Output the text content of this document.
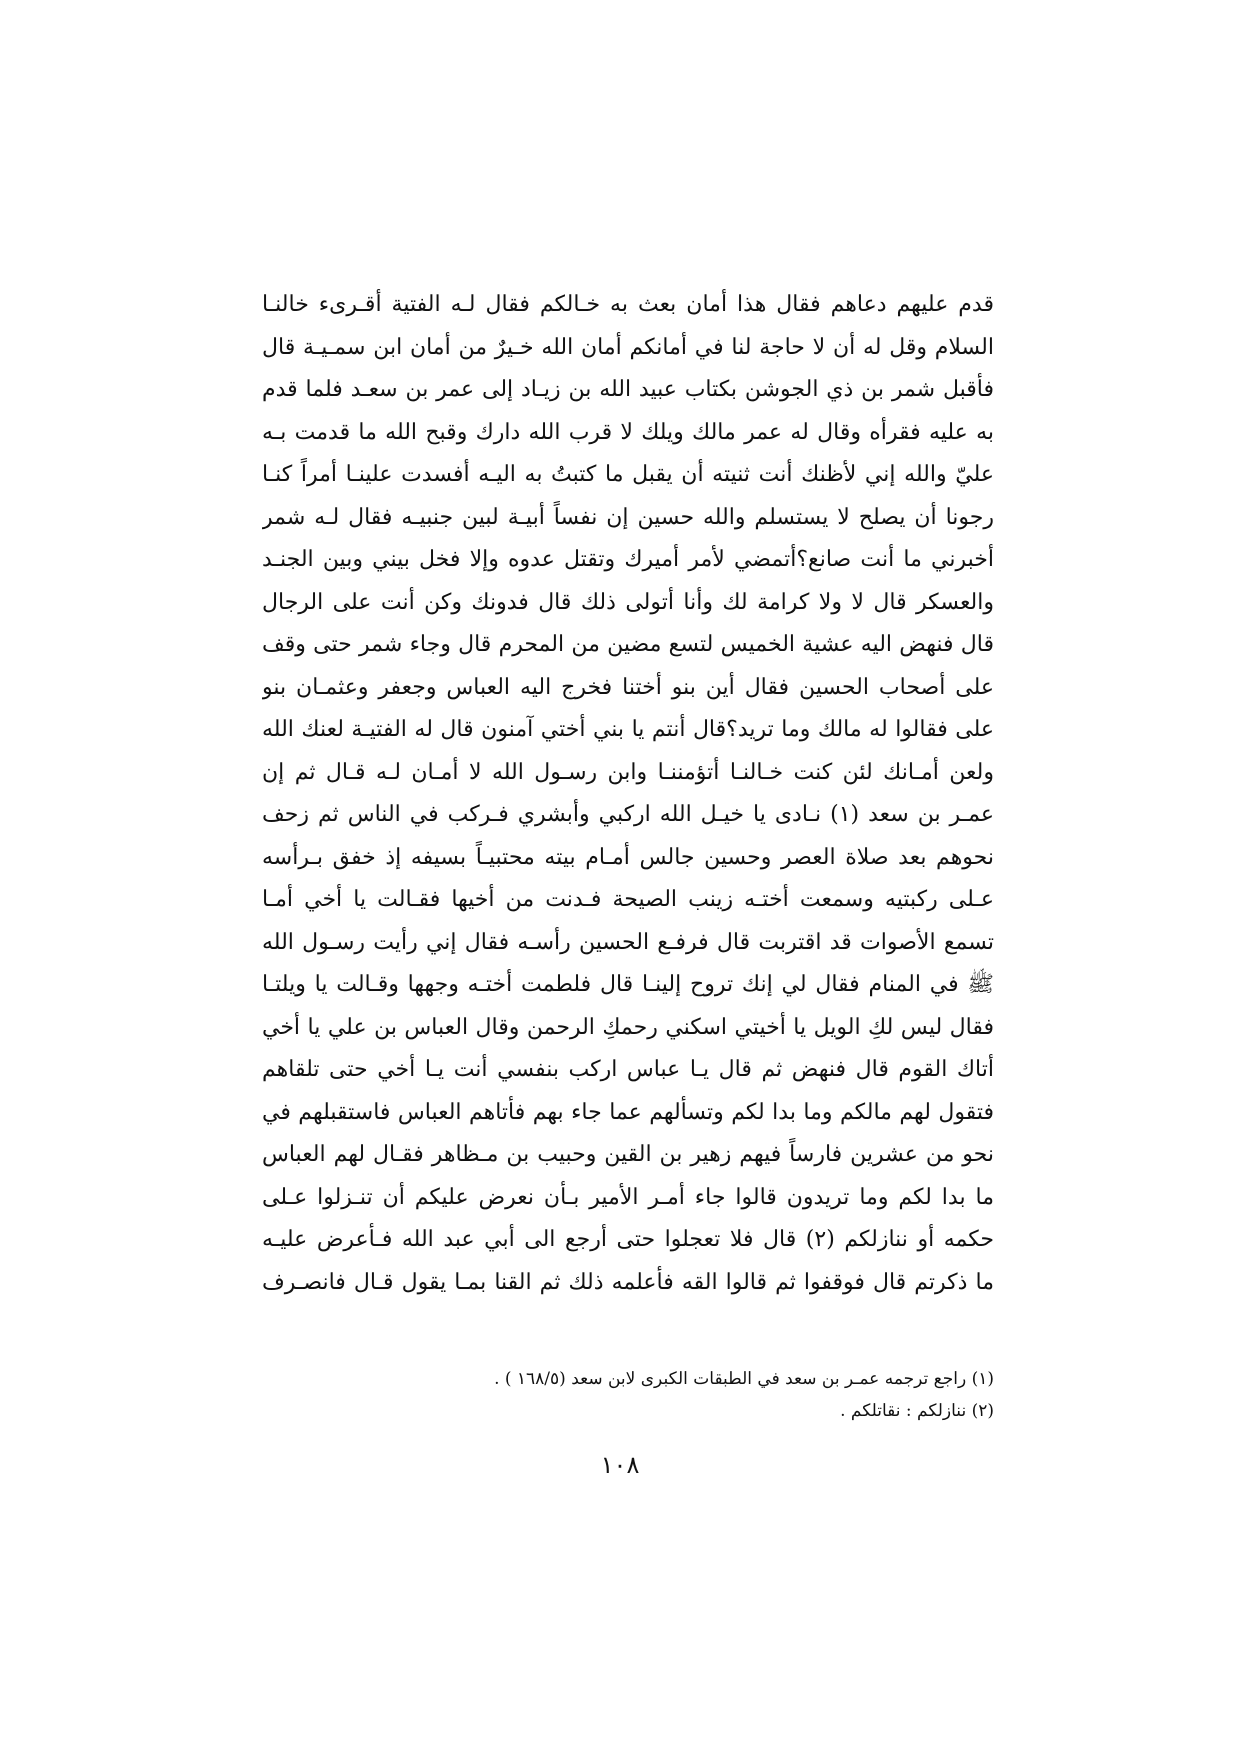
قدم عليهم دعاهم فقال هذا أمان بعث به خـالكم فقال لـه الفتية أقـرىء خالنـا
السلام وقل له أن لا حاجة لنا في أمانكم أمان الله خـيرٌ من أمان ابن سمـيـة قال
فأقبل شمر بن ذي الجوشن بكتاب عبيد الله بن زيـاد إلى عمر بن سعـد فلما قدم
به عليه فقرأه وقال له عمر مالك ويلك لا قرب الله دارك وقبح الله ما قدمت بـه
عليّ والله إني لأظنك أنت ثنيته أن يقبل ما كتبتُ به اليـه أفسدت علينـا أمراً كنـا
رجونا أن يصلح لا يستسلم والله حسين إن نفساً أبيـة لبين جنبيـه فقال لـه شمر
أخبرني ما أنت صانع؟أتمضي لأمر أميرك وتقتل عدوه وإلا فخل بيني وبين الجنـد
والعسكر قال لا ولا كرامة لك وأنا أتولى ذلك قال فدونك وكن أنت على الرجال
قال فنهض اليه عشية الخميس لتسع مضين من المحرم قال وجاء شمر حتى وقف
على أصحاب الحسين فقال أين بنو أختنا فخرج اليه العباس وجعفر وعثمـان بنو
على فقالوا له مالك وما تريد؟قال أنتم يا بني أختي آمنون قال له الفتيـة لعنك الله
ولعن أمـانك لئن كنت خـالنـا أتؤمننـا وابن رسـول الله لا أمـان لـه قـال ثم إن
عمـر بن سعد (١) نـادى يا خيـل الله اركبي وأبشري فـركب في الناس ثم زحف
نحوهم بعد صلاة العصر وحسين جالس أمـام بيته محتبيـاً بسيفه إذ خفق بـرأسه
عـلى ركبتيه وسمعت أختـه زينب الصيحة فـدنت من أخيها فقـالت يا أخي أمـا
تسمع الأصوات قد اقتربت قال فرفـع الحسين رأسـه فقال إني رأيت رسـول الله
ﷺ في المنام فقال لي إنك تروح إلينـا قال فلطمت أختـه وجهها وقـالت يا ويلتـا
فقال ليس لكِ الويل يا أخيتي اسكني رحمكِ الرحمن وقال العباس بن علي يا أخي
أتاك القوم قال فنهض ثم قال يـا عباس اركب بنفسي أنت يـا أخي حتى تلقاهم
فتقول لهم مالكم وما بدا لكم وتسألهم عما جاء بهم فأتاهم العباس فاستقبلهم في
نحو من عشرين فارساً فيهم زهير بن القين وحبيب بن مـظاهر فقـال لهم العباس
ما بدا لكم وما تريدون قالوا جاء أمـر الأمير بـأن نعرض عليكم أن تنـزلوا عـلى
حكمه أو ننازلكم (٢) قال فلا تعجلوا حتى أرجع الى أبي عبد الله فـأعرض عليـه
ما ذكرتم قال فوقفوا ثم قالوا القه فأعلمه ذلك ثم القنا بمـا يقول قـال فانصـرف
(١) راجع ترجمه عمـر بن سعد في الطبقات الكبرى لابن سعد (١٦٨/٥ ) .
(٢) ننازلكم : نقاتلكم .
١٠٨
